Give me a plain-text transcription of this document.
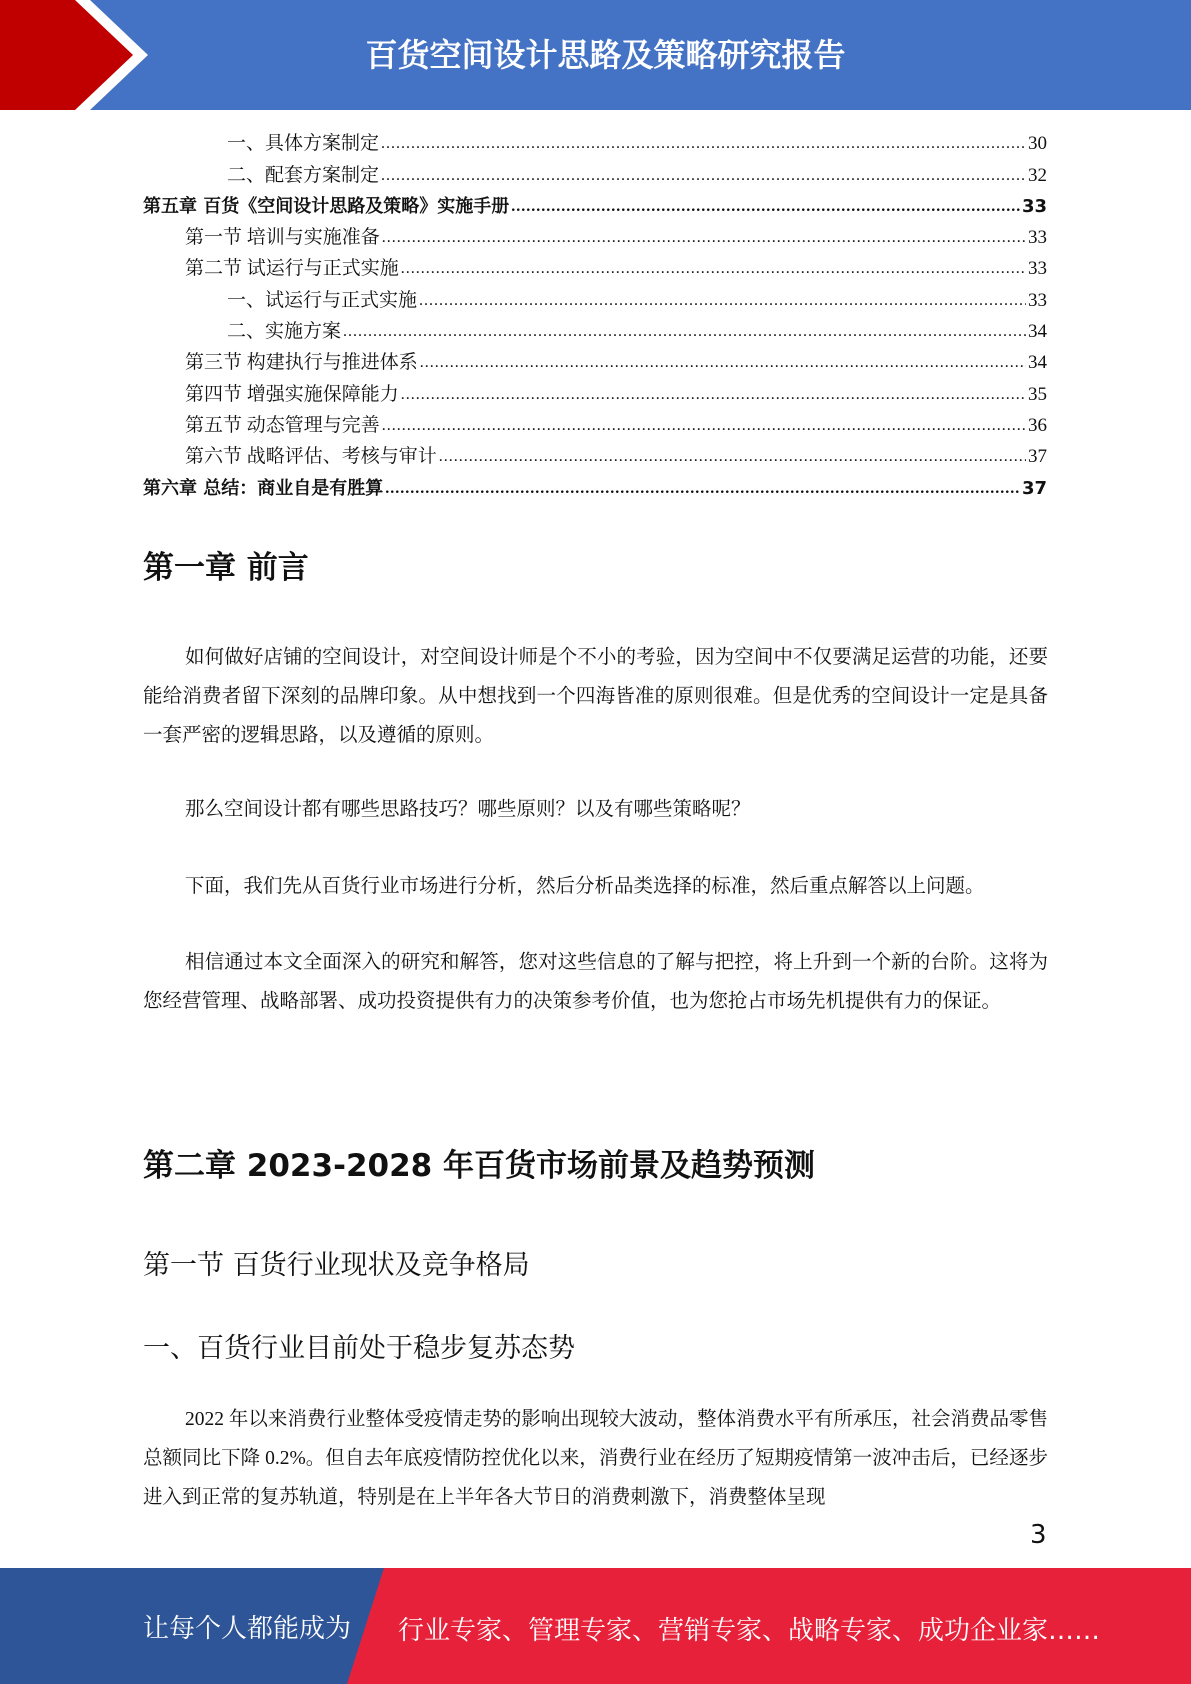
百货空间设计思路及策略研究报告
一、具体方案制定 .....	30
二、配套方案制定 .....	32
第五章 百货《空间设计思路及策略》实施手册 .....	33
第一节 培训与实施准备 .....	33
第二节 试运行与正式实施 .....	33
一、试运行与正式实施 .....	33
二、实施方案 .....	34
第三节 构建执行与推进体系 .....	34
第四节 增强实施保障能力 .....	35
第五节 动态管理与完善 .....	36
第六节 战略评估、考核与审计 .....	37
第六章 总结：商业自是有胜算 .....	37
第一章 前言
如何做好店铺的空间设计，对空间设计师是个不小的考验，因为空间中不仅要满足运营的功能，还要能给消费者留下深刻的品牌印象。从中想找到一个四海皆准的原则很难。但是优秀的空间设计一定是具备一套严密的逻辑思路，以及遵循的原则。
那么空间设计都有哪些思路技巧？哪些原则？以及有哪些策略呢？
下面，我们先从百货行业市场进行分析，然后分析品类选择的标准，然后重点解答以上问题。
相信通过本文全面深入的研究和解答，您对这些信息的了解与把控，将上升到一个新的台阶。这将为您经营管理、战略部署、成功投资提供有力的决策参考价值，也为您抢占市场先机提供有力的保证。
第二章 2023-2028 年百货市场前景及趋势预测
第一节 百货行业现状及竞争格局
一、百货行业目前处于稳步复苏态势
2022 年以来消费行业整体受疫情走势的影响出现较大波动，整体消费水平有所承压，社会消费品零售总额同比下降 0.2%。但自去年底疫情防控优化以来，消费行业在经历了短期疫情第一波冲击后，已经逐步进入到正常的复苏轨道，特别是在上半年各大节日的消费刺激下，消费整体呈现
3
让每个人都能成为 行业专家、管理专家、营销专家、战略专家、成功企业家……
